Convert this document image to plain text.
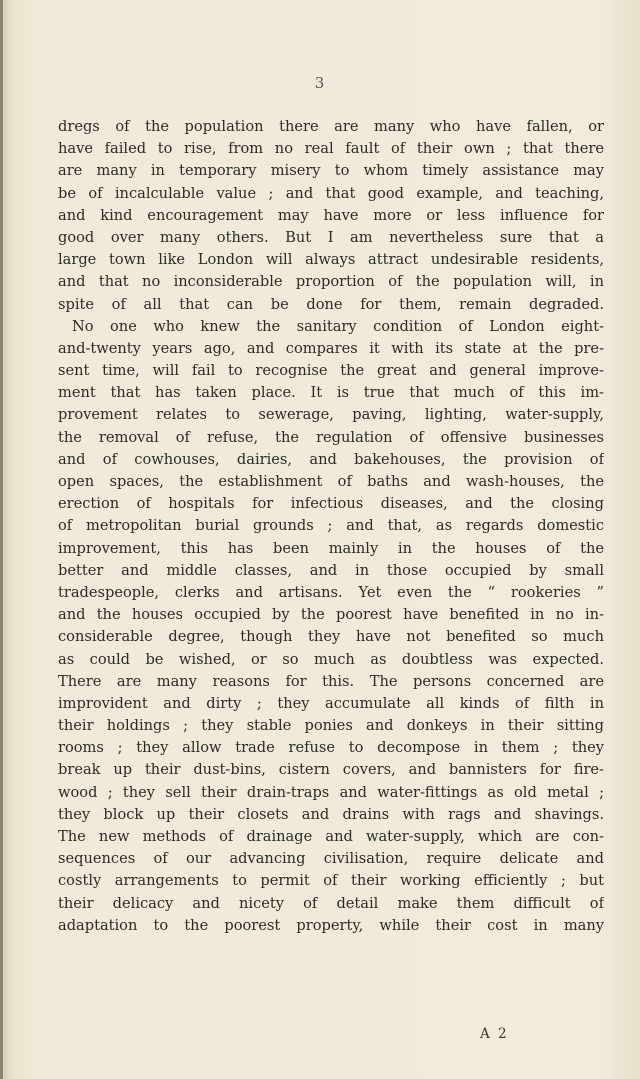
3
dregs of the population there are many who have fallen, or
have failed to rise, from no real fault of their own ; that there
are many in temporary misery to whom timely assistance may
be of incalculable value ; and that good example, and teaching,
and kind encouragement may have more or less influence for
good over many others. But I am nevertheless sure that a
large town like London will always attract undesirable residents,
and that no inconsiderable proportion of the population will, in
spite of all that can be done for them, remain degraded.
No one who knew the sanitary condition of London eight-
and-twenty years ago, and compares it with its state at the pre-
sent time, will fail to recognise the great and general improve-
ment that has taken place. It is true that much of this im-
provement relates to sewerage, paving, lighting, water-supply,
the removal of refuse, the regulation of offensive businesses
and of cowhouses, dairies, and bakehouses, the provision of
open spaces, the establishment of baths and wash-houses, the
erection of hospitals for infectious diseases, and the closing
of metropolitan burial grounds ; and that, as regards domestic
improvement, this has been mainly in the houses of the
better and middle classes, and in those occupied by small
tradespeople, clerks and artisans. Yet even the “ rookeries ”
and the houses occupied by the poorest have benefited in no in-
considerable degree, though they have not benefited so much
as could be wished, or so much as doubtless was expected.
There are many reasons for this. The persons concerned are
improvident and dirty ; they accumulate all kinds of filth in
their holdings ; they stable ponies and donkeys in their sitting
rooms ; they allow trade refuse to decompose in them ; they
break up their dust-bins, cistern covers, and bannisters for fire-
wood ; they sell their drain-traps and water-fittings as old metal ;
they block up their closets and drains with rags and shavings.
The new methods of drainage and water-supply, which are con-
sequences of our advancing civilisation, require delicate and
costly arrangements to permit of their working efficiently ; but
their delicacy and nicety of detail make them difficult of
adaptation to the poorest property, while their cost in many
A 2
